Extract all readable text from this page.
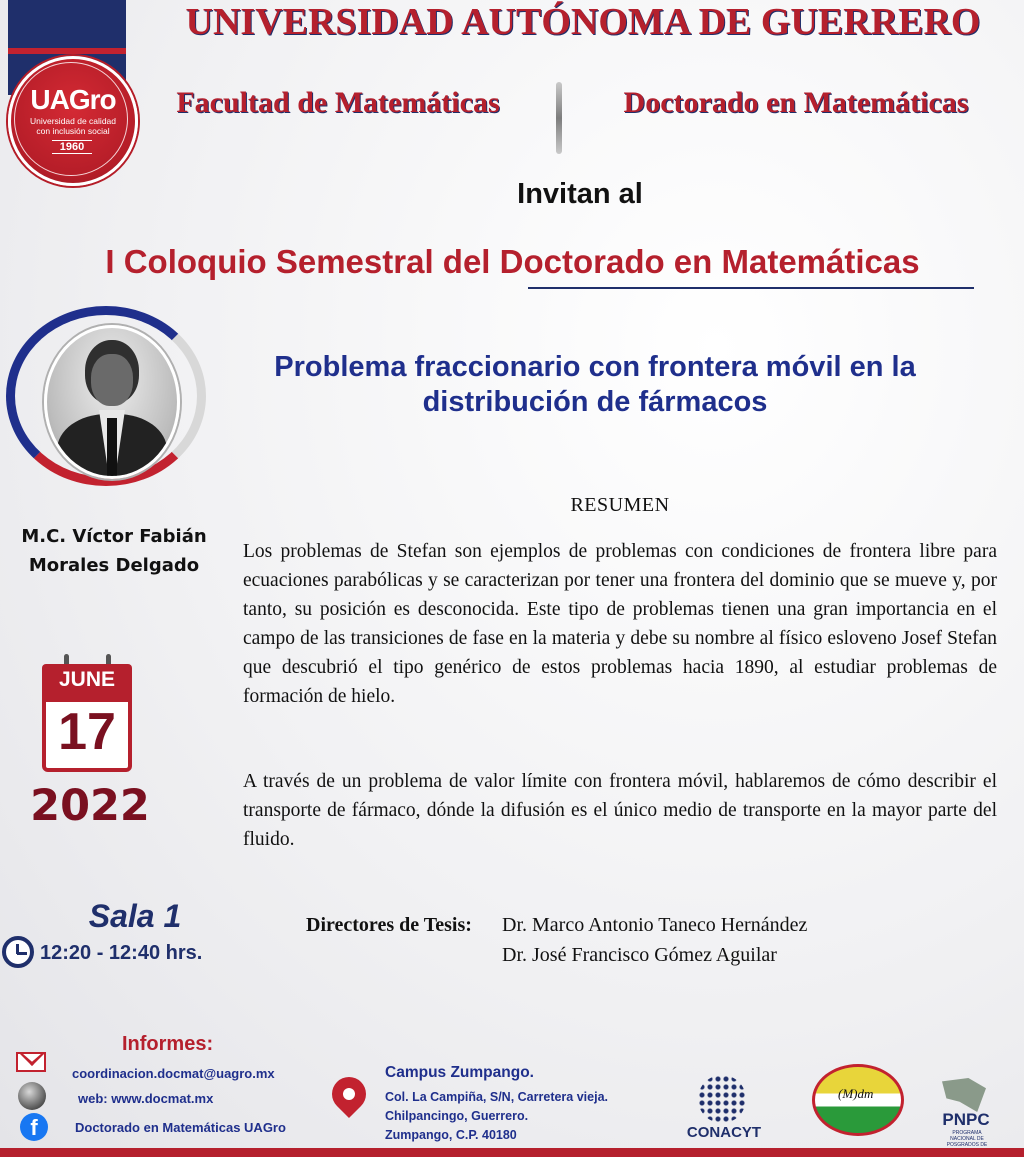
UAGro
Universidad de calidad con inclusión social
1960
UNIVERSIDAD AUTÓNOMA DE GUERRERO
Facultad de Matemáticas	Doctorado en Matemáticas
Invitan al
I Coloquio Semestral del Doctorado en Matemáticas
M.C. Víctor Fabián
Morales Delgado
Problema fraccionario con frontera móvil en la distribución de fármacos
JUNE
17
2022
RESUMEN
Los problemas de Stefan son ejemplos de problemas con condiciones de frontera libre para ecuaciones parabólicas y se caracterizan por tener una frontera del dominio que se mueve y, por tanto, su posición es desconocida. Este tipo de problemas tienen una gran importancia en el campo de las transiciones de fase en la materia y debe su nombre al físico esloveno Josef Stefan que descubrió el tipo genérico de estos problemas hacia 1890, al estudiar problemas de formación de hielo.
A través de un problema de valor límite con frontera móvil, hablaremos de cómo describir el transporte de fármaco, dónde la difusión es el único medio de transporte en la mayor parte del fluido.
Sala 1
12:20 - 12:40 hrs.
Directores de Tesis: Dr. Marco Antonio Taneco Hernández
Dr. José Francisco Gómez Aguilar
Informes:
coordinacion.docmat@uagro.mx
web: www.docmat.mx
f	Doctorado en Matemáticas UAGro
Campus Zumpango.
Col. La Campiña, S/N, Carretera vieja.
Chilpancingo, Guerrero.
Zumpango, C.P. 40180	CONACYT
(M)dm
PNPC
PROGRAMA NACIONAL DE POSGRADOS DE
